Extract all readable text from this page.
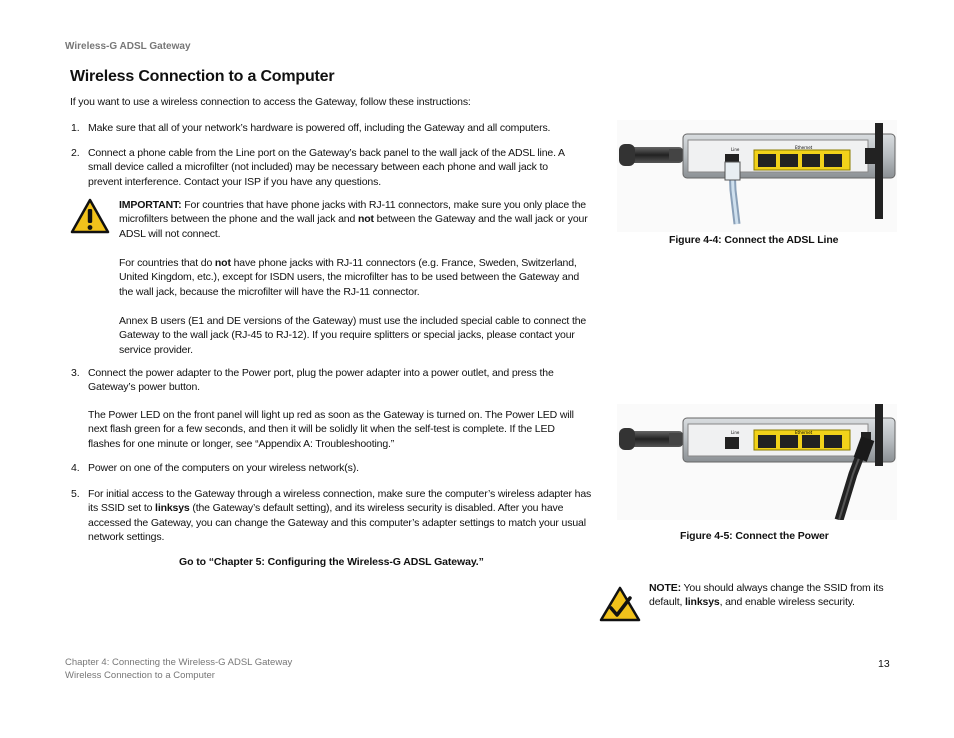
Wireless-G ADSL Gateway
Wireless Connection to a Computer
If you want to use a wireless connection to access the Gateway, follow these instructions:
1. Make sure that all of your network’s hardware is powered off, including the Gateway and all computers.
2. Connect a phone cable from the Line port on the Gateway’s back panel to the wall jack of the ADSL line. A small device called a microfilter (not included) may be necessary between each phone and wall jack to prevent interference. Contact your ISP if you have any questions.
IMPORTANT: For countries that have phone jacks with RJ-11 connectors, make sure you only place the microfilters between the phone and the wall jack and not between the Gateway and the wall jack or your ADSL will not connect.
For countries that do not have phone jacks with RJ-11 connectors (e.g. France, Sweden, Switzerland, United Kingdom, etc.), except for ISDN users, the microfilter has to be used between the Gateway and the wall jack, because the microfilter will have the RJ-11 connector.
Annex B users (E1 and DE versions of the Gateway) must use the included special cable to connect the Gateway to the wall jack (RJ-45 to RJ-12). If you require splitters or special jacks, please contact your service provider.
3. Connect the power adapter to the Power port, plug the power adapter into a power outlet, and press the Gateway’s power button.
The Power LED on the front panel will light up red as soon as the Gateway is turned on. The Power LED will next flash green for a few seconds, and then it will be solidly lit when the self-test is complete. If the LED flashes for one minute or longer, see “Appendix A: Troubleshooting.”
4. Power on one of the computers on your wireless network(s).
5. For initial access to the Gateway through a wireless connection, make sure the computer’s wireless adapter has its SSID set to linksys (the Gateway’s default setting), and its wireless security is disabled. After you have accessed the Gateway, you can change the Gateway and this computer’s adapter settings to match your usual network settings.
Go to “Chapter 5: Configuring the Wireless-G ADSL Gateway.”
Line	Ethernet
Figure 4-4: Connect the ADSL Line
Line	Ethernet
Figure 4-5: Connect the Power
NOTE: You should always change the SSID from its default, linksys, and enable wireless security.
Chapter 4: Connecting the Wireless-G ADSL Gateway
Wireless Connection to a Computer
13
